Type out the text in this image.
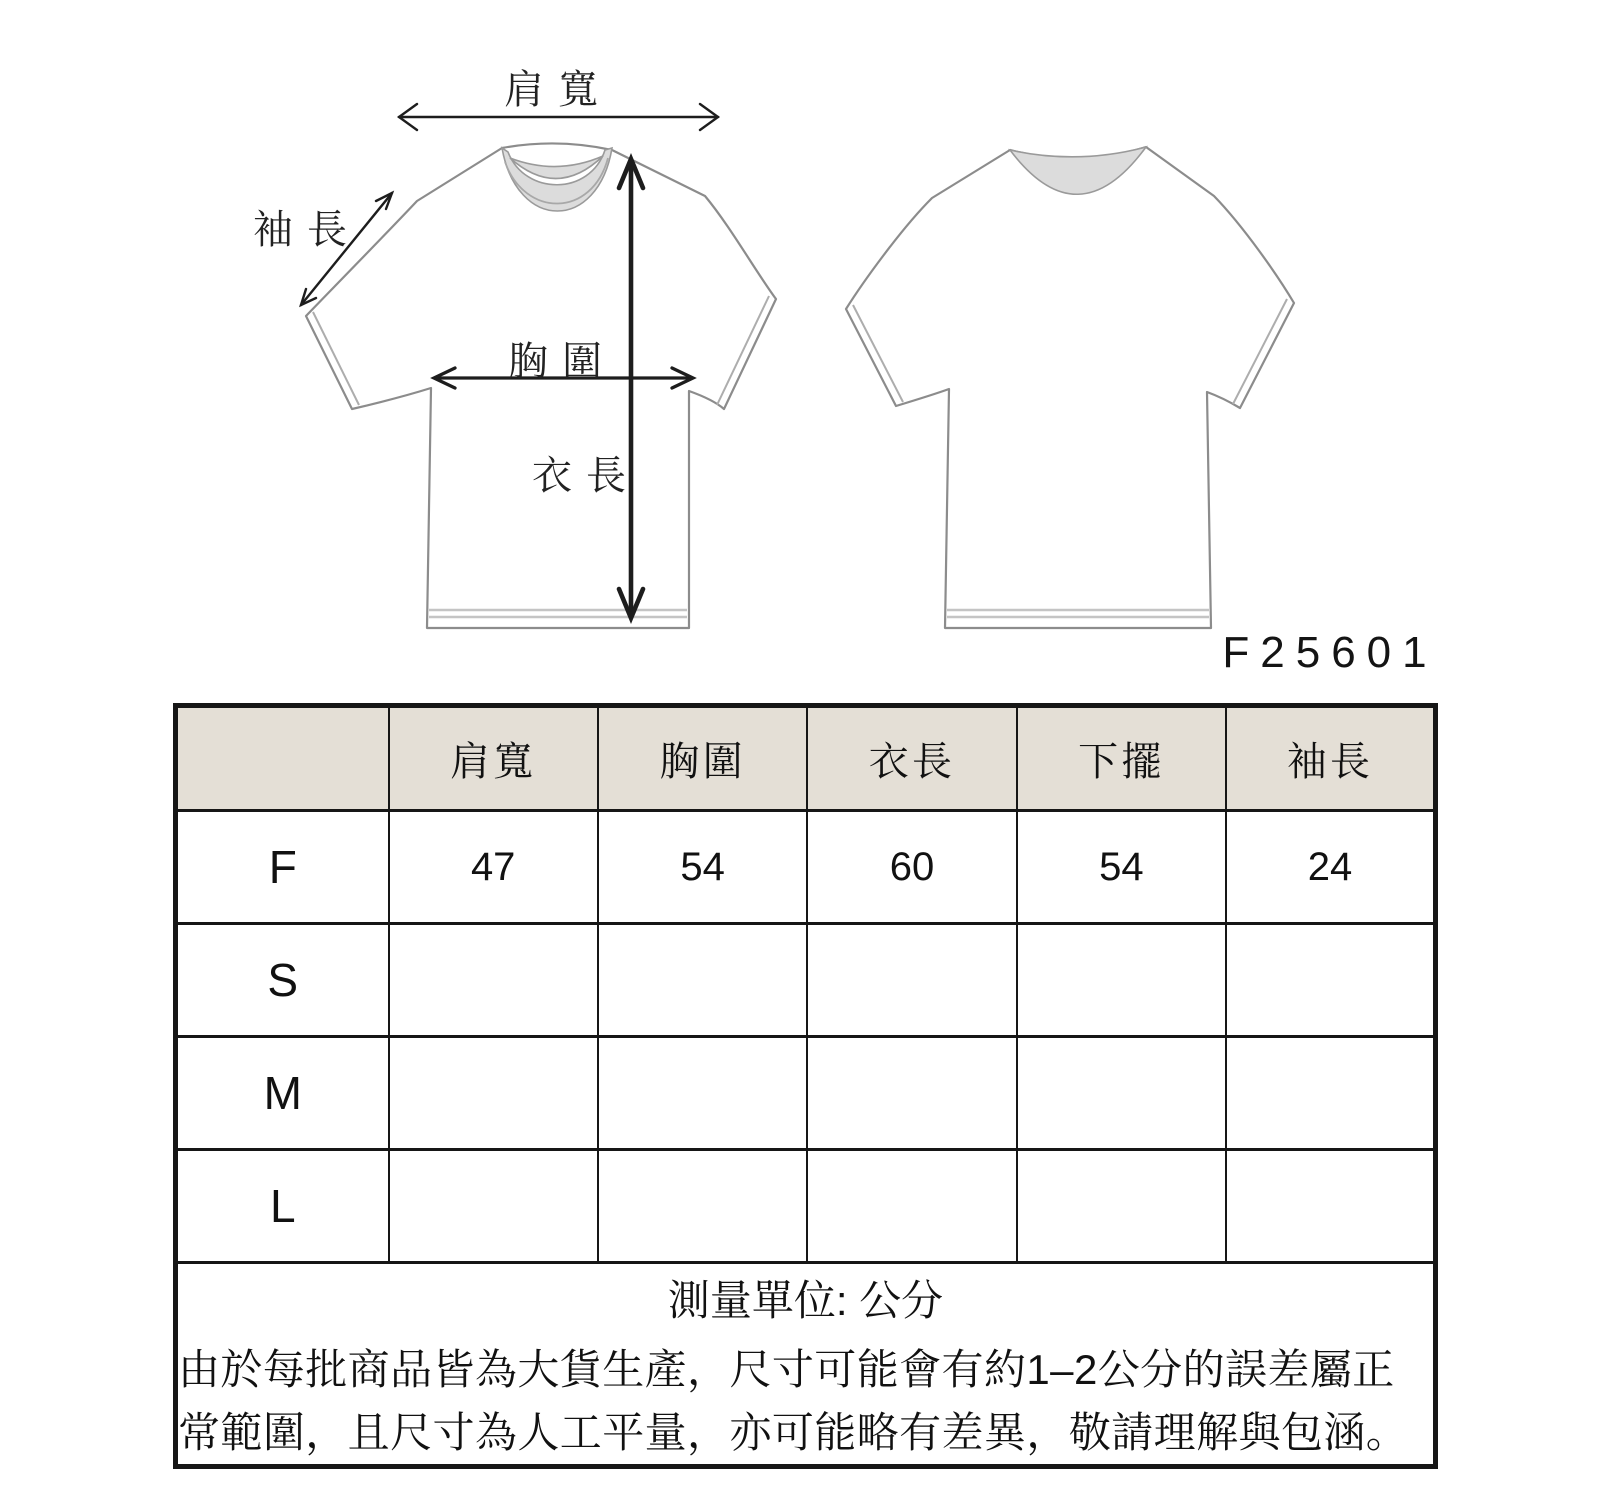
肩寬
袖長
胸圍
衣長
F25601
	肩寬	胸圍	衣長	下擺	袖長
F	47	54	60	54	24
S					
M					
L					

測量單位: 公分
由於每批商品皆為大貨生產，尺寸可能會有約1–2公分的誤差屬正常範圍，且尺寸為人工平量，亦可能略有差異，敬請理解與包涵。					
